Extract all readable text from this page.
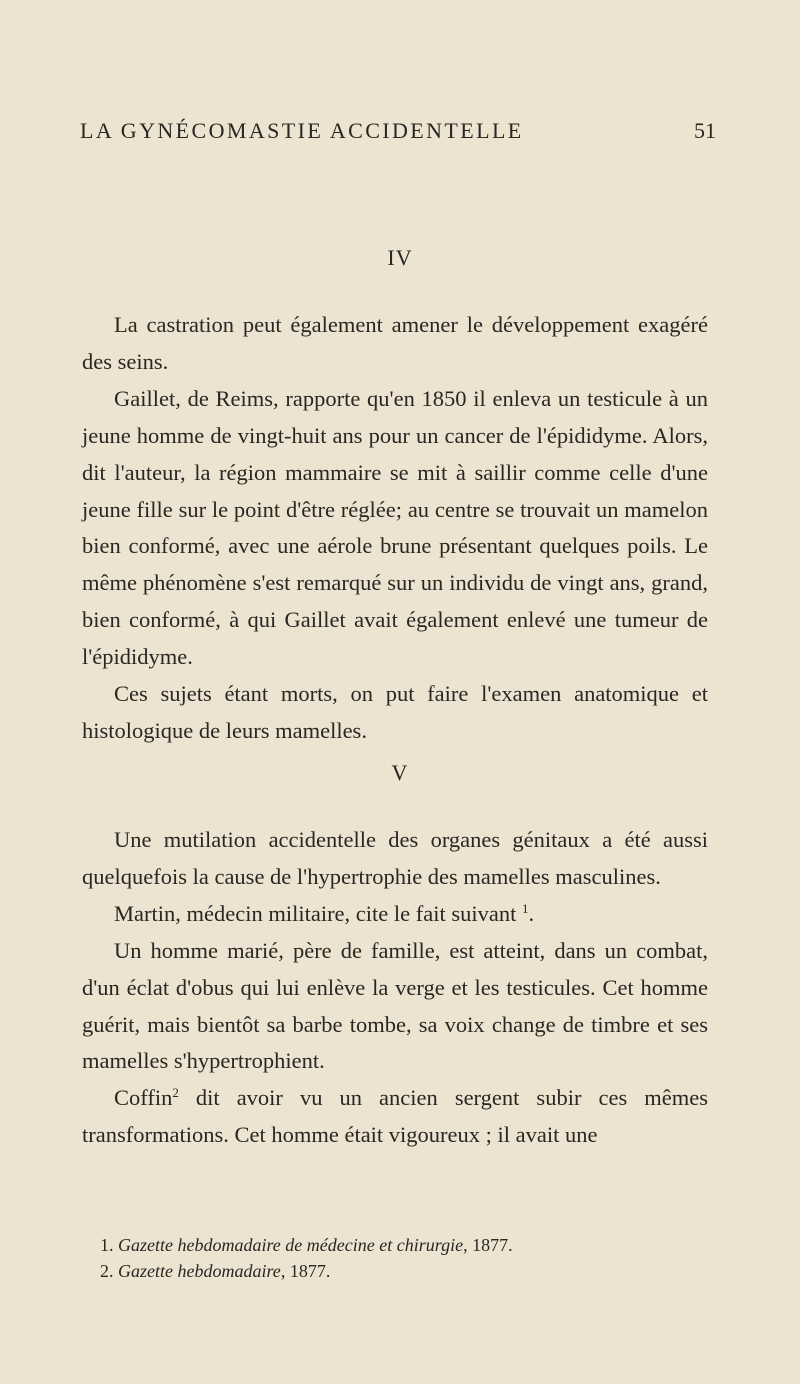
LA GYNÉCOMASTIE ACCIDENTELLE	51
IV

La castration peut également amener le développement exagéré des seins.

Gaillet, de Reims, rapporte qu'en 1850 il enleva un testicule à un jeune homme de vingt-huit ans pour un cancer de l'épididyme. Alors, dit l'auteur, la région mammaire se mit à saillir comme celle d'une jeune fille sur le point d'être réglée; au centre se trouvait un mamelon bien conformé, avec une aérole brune présentant quelques poils. Le même phénomène s'est remarqué sur un individu de vingt ans, grand, bien conformé, à qui Gaillet avait également enlevé une tumeur de l'épididyme.

Ces sujets étant morts, on put faire l'examen anatomique et histologique de leurs mamelles.

V

Une mutilation accidentelle des organes génitaux a été aussi quelquefois la cause de l'hypertrophie des mamelles masculines.

Martin, médecin militaire, cite le fait suivant $^1$.

Un homme marié, père de famille, est atteint, dans un combat, d'un éclat d'obus qui lui enlève la verge et les testicules. Cet homme guérit, mais bientôt sa barbe tombe, sa voix change de timbre et ses mamelles s'hypertrophient.

Coffin$^2$ dit avoir vu un ancien sergent subir ces mêmes transformations. Cet homme était vigoureux ; il avait une

1. Gazette hebdomadaire de médecine et chirurgie, 1877.

2. Gazette hebdomadaire, 1877.
